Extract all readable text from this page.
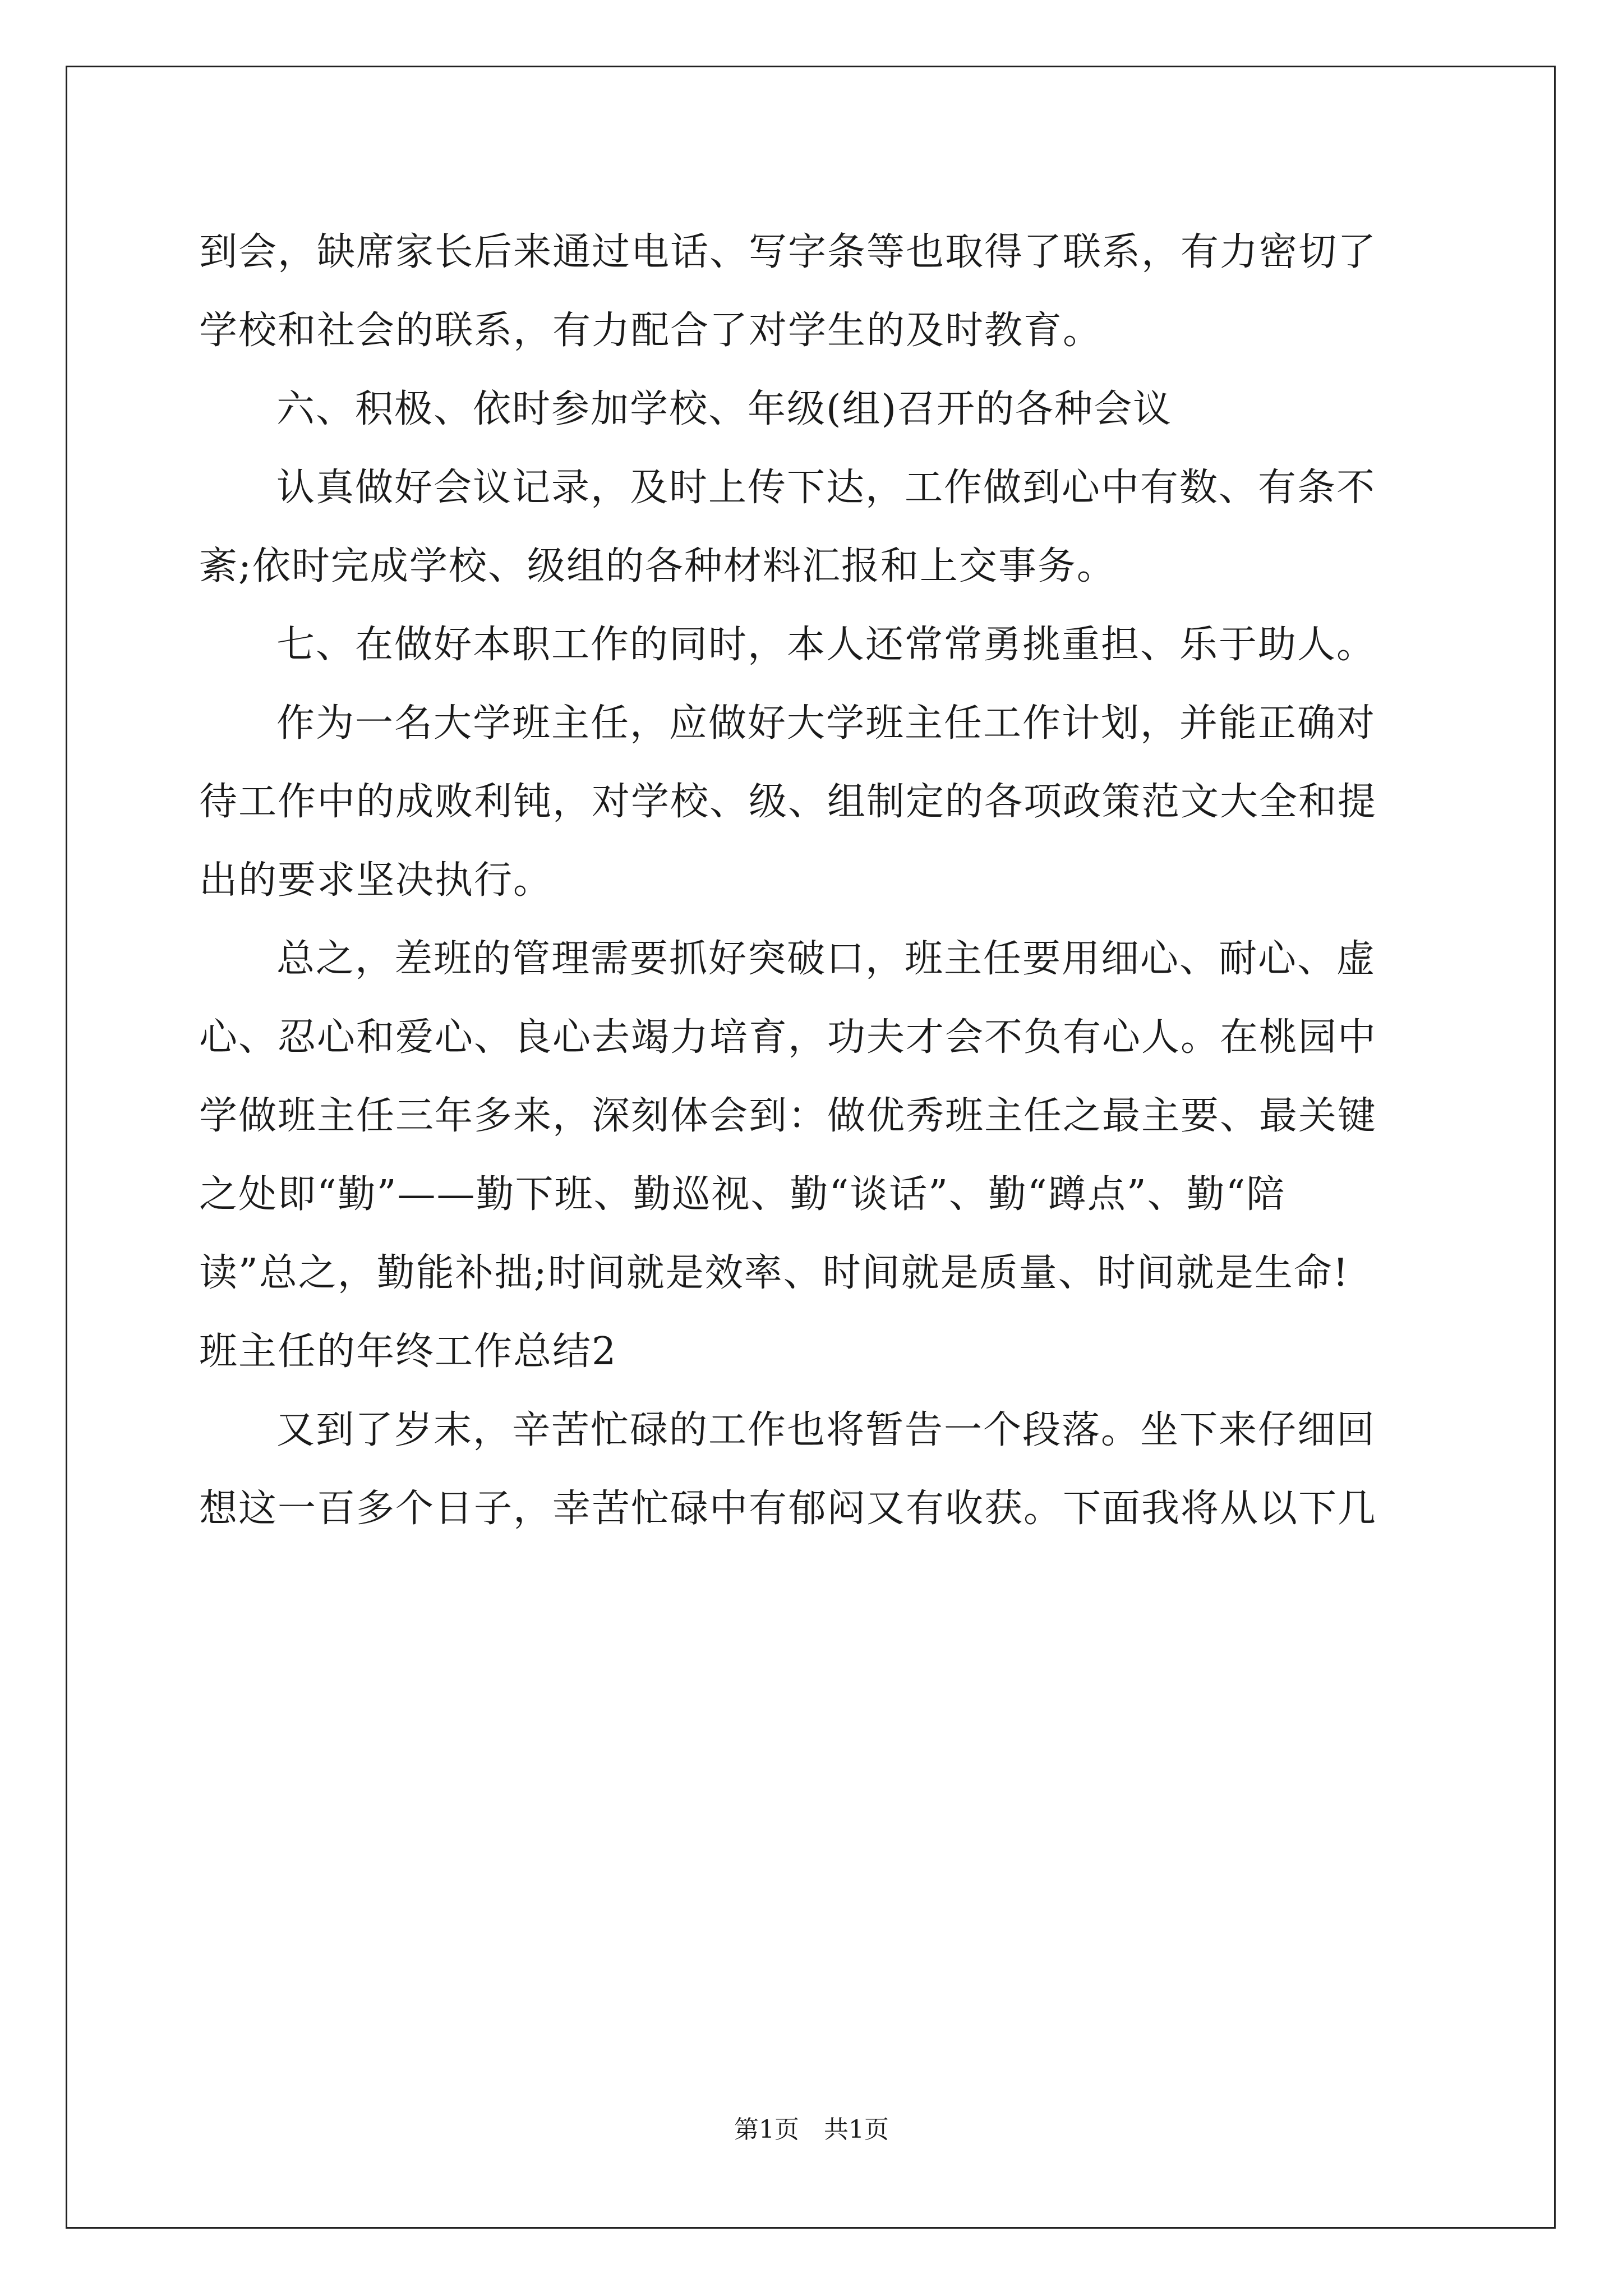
到会，缺席家长后来通过电话、写字条等也取得了联系，有力密切了
学校和社会的联系，有力配合了对学生的及时教育。
六、积极、依时参加学校、年级(组)召开的各种会议
认真做好会议记录，及时上传下达，工作做到心中有数、有条不
紊;依时完成学校、级组的各种材料汇报和上交事务。
七、在做好本职工作的同时，本人还常常勇挑重担、乐于助人。
作为一名大学班主任，应做好大学班主任工作计划，并能正确对
待工作中的成败利钝，对学校、级、组制定的各项政策范文大全和提
出的要求坚决执行。
总之，差班的管理需要抓好突破口，班主任要用细心、耐心、虚
心、忍心和爱心、良心去竭力培育，功夫才会不负有心人。在桃园中
学做班主任三年多来，深刻体会到：做优秀班主任之最主要、最关键
之处即“勤”——勤下班、勤巡视、勤“谈话”、勤“蹲点”、勤“陪
读”总之，勤能补拙;时间就是效率、时间就是质量、时间就是生命!
班主任的年终工作总结2
又到了岁末，辛苦忙碌的工作也将暂告一个段落。坐下来仔细回
想这一百多个日子，幸苦忙碌中有郁闷又有收获。下面我将从以下几
第1页　共1页
